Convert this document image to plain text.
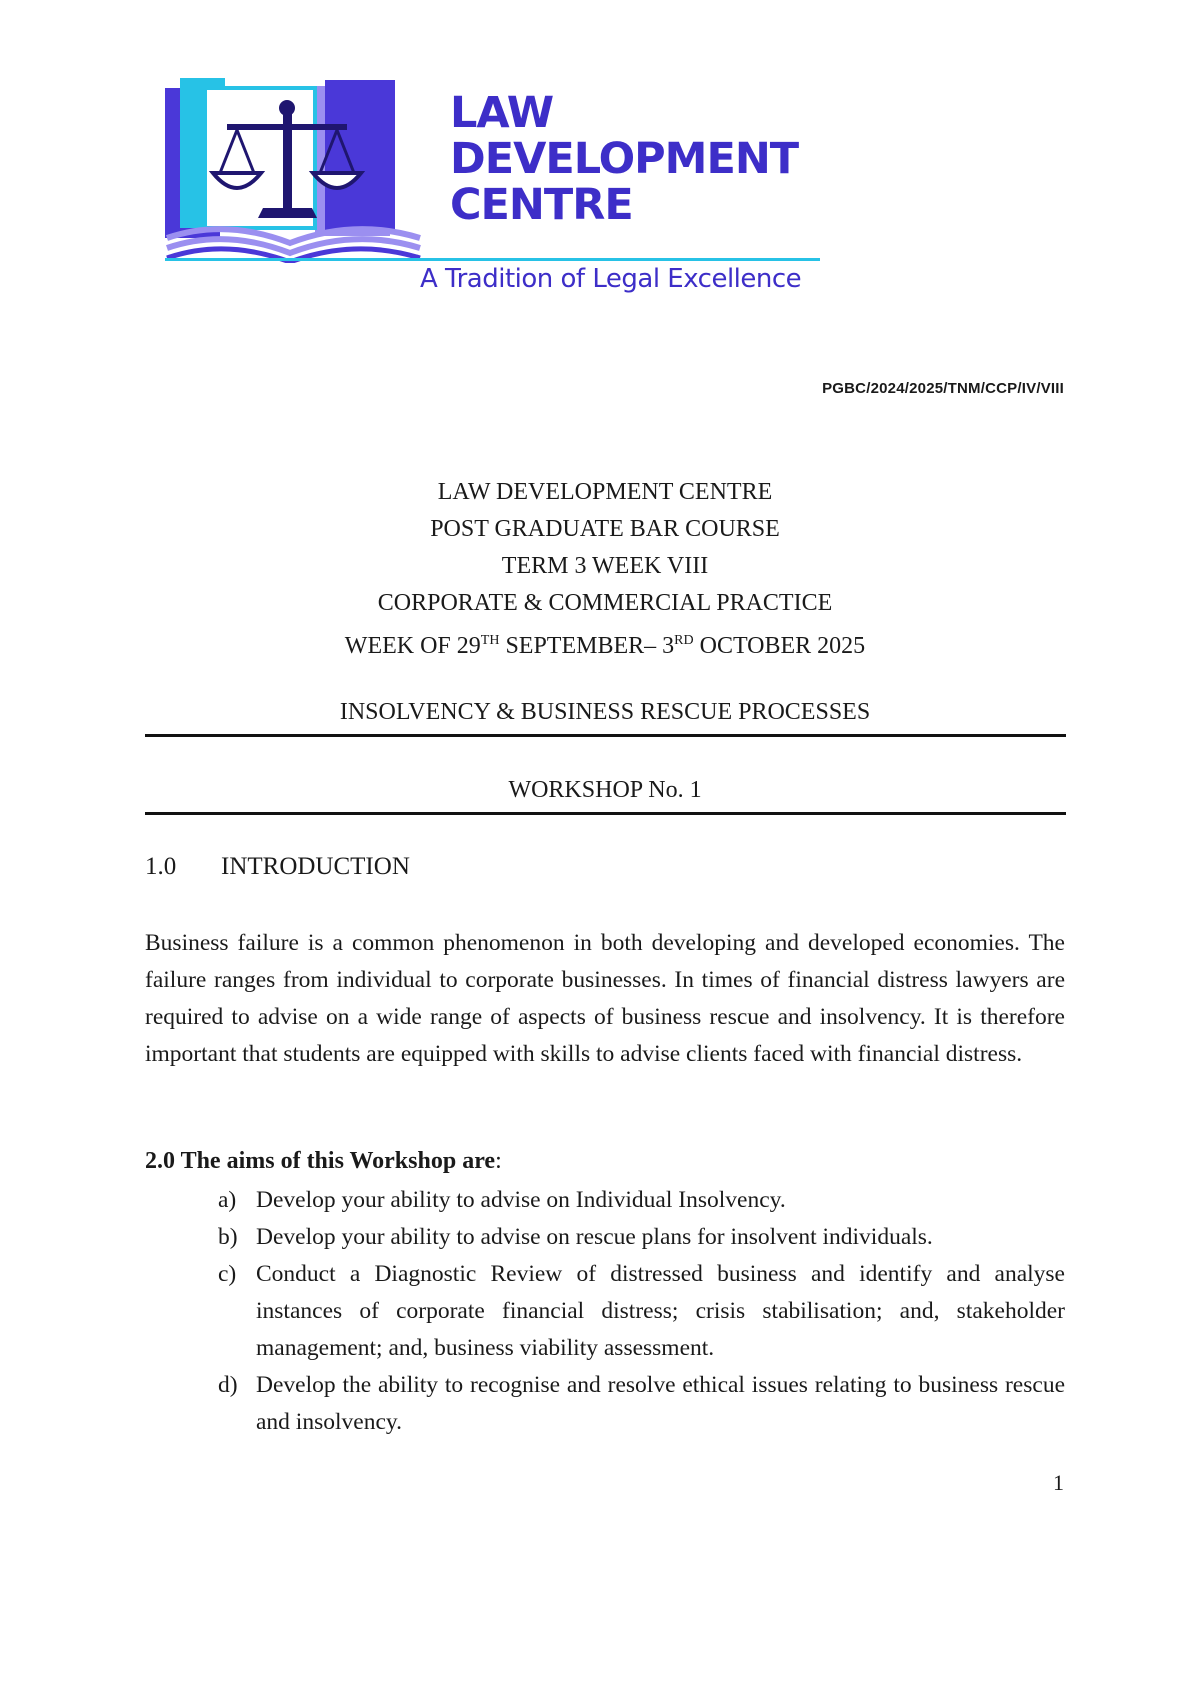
LAW
DEVELOPMENT
CENTRE
A Tradition of Legal Excellence
PGBC/2024/2025/TNM/CCP/IV/VIII
LAW DEVELOPMENT CENTRE
POST GRADUATE BAR COURSE
TERM 3 WEEK VIII
CORPORATE & COMMERCIAL PRACTICE
WEEK OF 29TH SEPTEMBER– 3RD OCTOBER 2025
INSOLVENCY & BUSINESS RESCUE PROCESSES
WORKSHOP No. 1
1.0 INTRODUCTION
Business failure is a common phenomenon in both developing and developed economies. The failure ranges from individual to corporate businesses. In times of financial distress lawyers are required to advise on a wide range of aspects of business rescue and insolvency. It is therefore important that students are equipped with skills to advise clients faced with financial distress.
2.0 The aims of this Workshop are:
a) Develop your ability to advise on Individual Insolvency.
b) Develop your ability to advise on rescue plans for insolvent individuals.
c) Conduct a Diagnostic Review of distressed business and identify and analyse instances of corporate financial distress; crisis stabilisation; and, stakeholder management; and, business viability assessment.
d) Develop the ability to recognise and resolve ethical issues relating to business rescue and insolvency.
1
